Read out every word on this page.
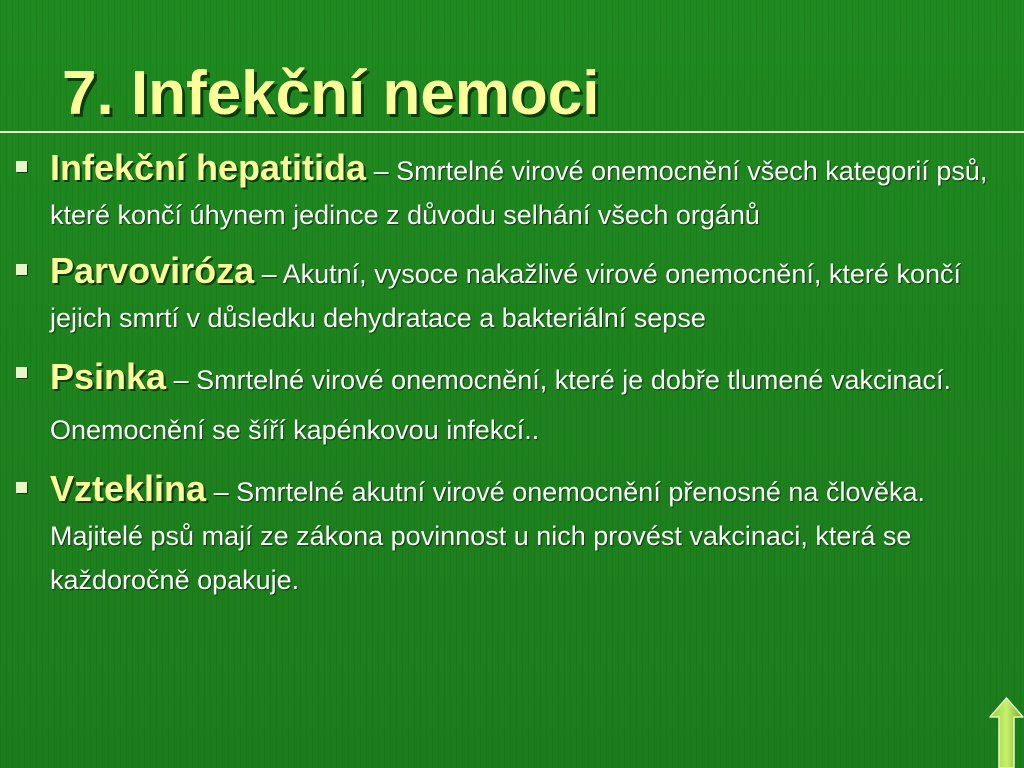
7. Infekční nemoci
Infekční hepatitida – Smrtelné virové onemocnění všech kategorií psů, které končí úhynem jedince z důvodu selhání všech orgánů
Parvoviróza – Akutní, vysoce nakažlivé virové onemocnění, které končí jejich smrtí v důsledku dehydratace a bakteriální sepse
Psinka – Smrtelné virové onemocnění, které je dobře tlumené vakcinací. Onemocnění se šíří kapénkovou infekcí..
Vzteklina – Smrtelné akutní virové onemocnění přenosné na člověka. Majitelé psů mají ze zákona povinnost u nich provést vakcinaci, která se každoročně opakuje.
